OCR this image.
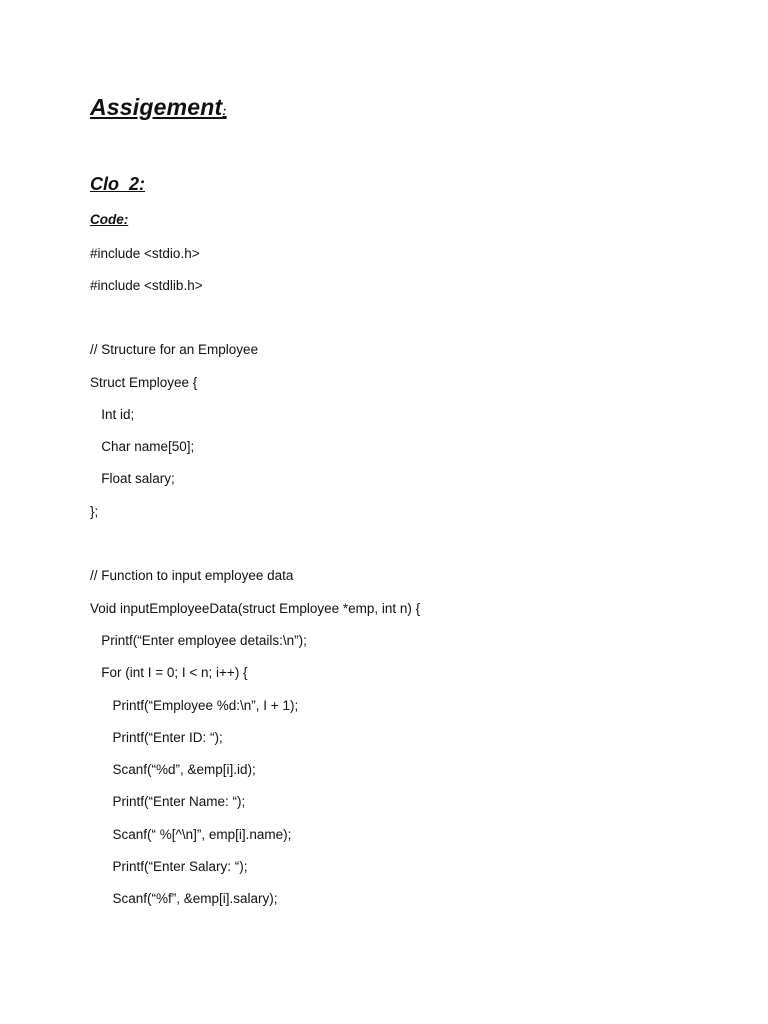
Assigement:
Clo  2:
Code:
#include <stdio.h>
#include <stdlib.h>
// Structure for an Employee
Struct Employee {
Int id;
Char name[50];
Float salary;
};
// Function to input employee data
Void inputEmployeeData(struct Employee *emp, int n) {
Printf(“Enter employee details:\n”);
For (int I = 0; I < n; i++) {
Printf(“Employee %d:\n”, I + 1);
Printf(“Enter ID: “);
Scanf(“%d”, &emp[i].id);
Printf(“Enter Name: “);
Scanf(“ %[^\n]”, emp[i].name);
Printf(“Enter Salary: “);
Scanf(“%f”, &emp[i].salary);
